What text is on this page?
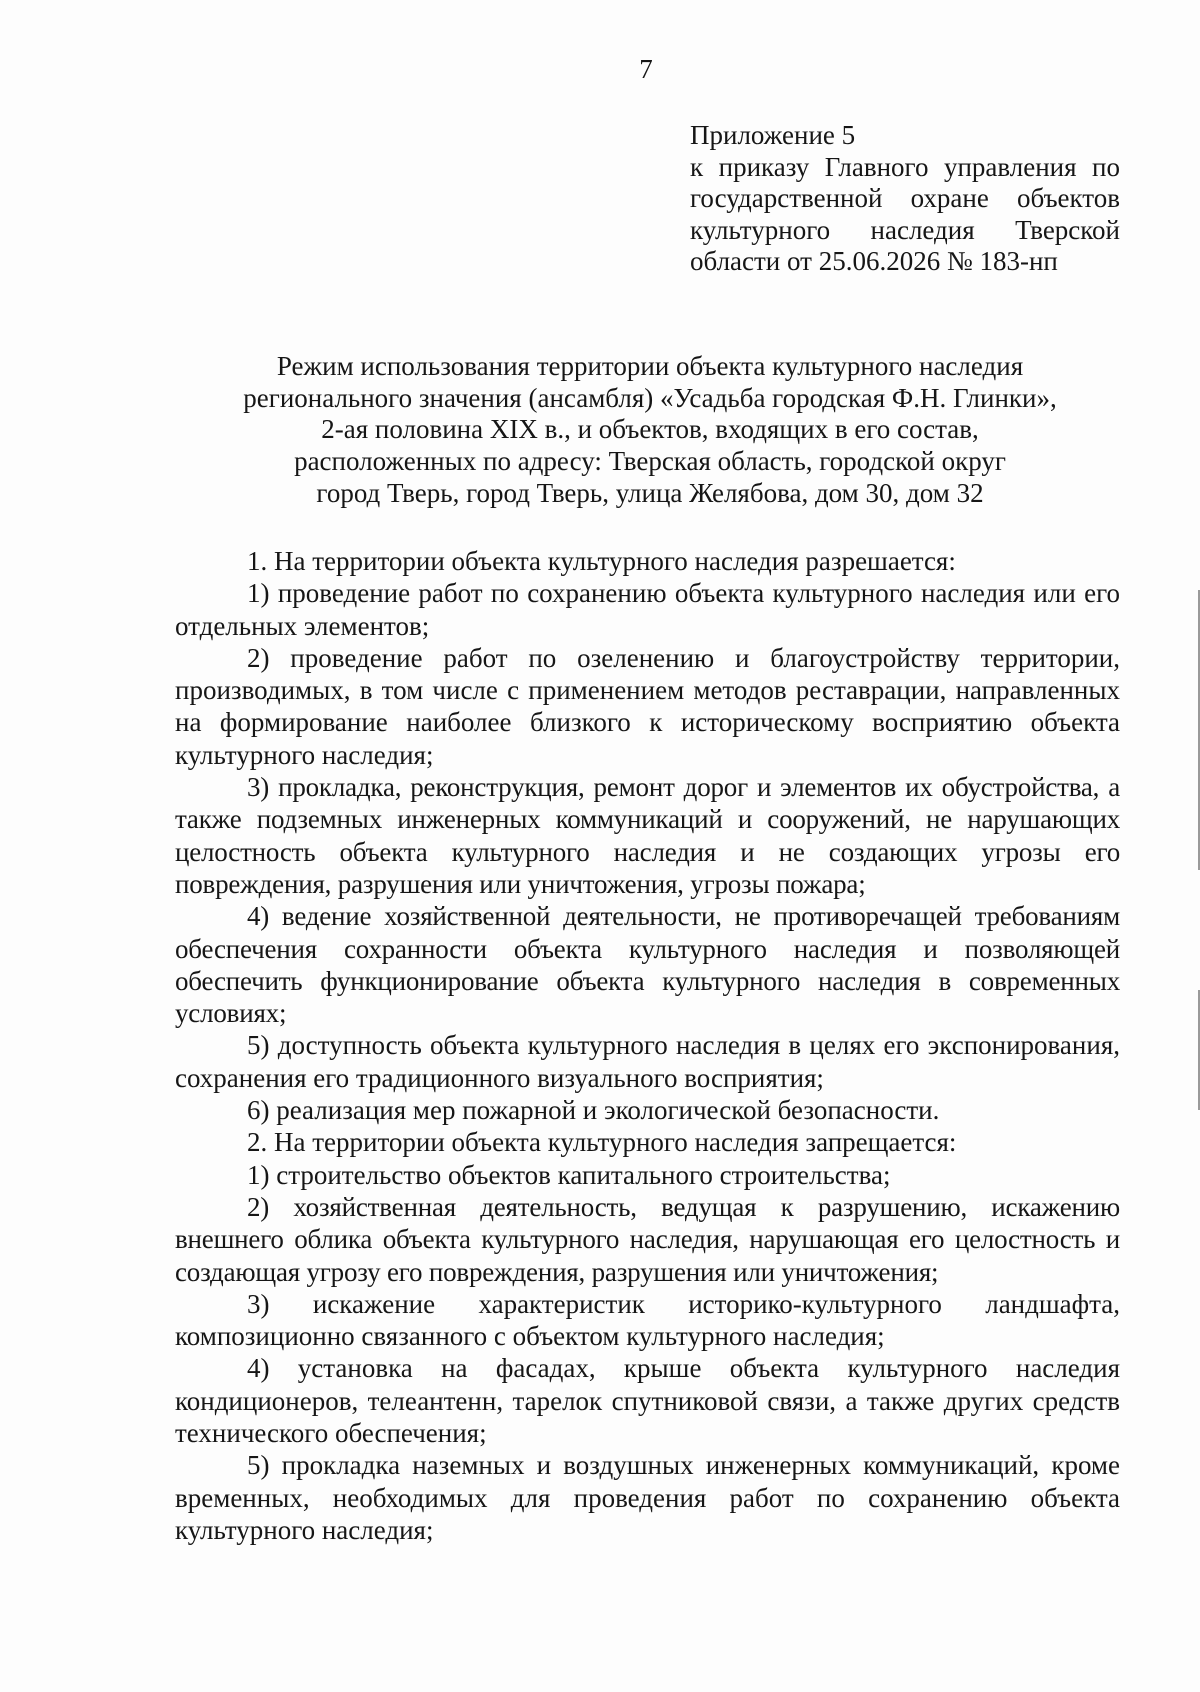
7
Приложение 5
к приказу Главного управления по
государственной охране объектов
культурного наследия Тверской
области от 25.06.2026 № 183-нп
Режим использования территории объекта культурного наследия
регионального значения (ансамбля) «Усадьба городская Ф.Н. Глинки»,
2-ая половина XIX в., и объектов, входящих в его состав,
расположенных по адресу: Тверская область, городской округ
город Тверь, город Тверь, улица Желябова, дом 30, дом 32

1. На территории объекта культурного наследия разрешается:

1) проведение работ по сохранению объекта культурного наследия или его отдельных элементов;

2) проведение работ по озеленению и благоустройству территории, производимых, в том числе с применением методов реставрации, направленных на формирование наиболее близкого к историческому восприятию объекта культурного наследия;

3) прокладка, реконструкция, ремонт дорог и элементов их обустройства, а также подземных инженерных коммуникаций и сооружений, не нарушающих целостность объекта культурного наследия и не создающих угрозы его повреждения, разрушения или уничтожения, угрозы пожара;

4) ведение хозяйственной деятельности, не противоречащей требованиям обеспечения сохранности объекта культурного наследия и позволяющей обеспечить функционирование объекта культурного наследия в современных условиях;

5) доступность объекта культурного наследия в целях его экспонирования, сохранения его традиционного визуального восприятия;

6) реализация мер пожарной и экологической безопасности.

2. На территории объекта культурного наследия запрещается:

1) строительство объектов капитального строительства;

2) хозяйственная деятельность, ведущая к разрушению, искажению внешнего облика объекта культурного наследия, нарушающая его целостность и создающая угрозу его повреждения, разрушения или уничтожения;

3) искажение характеристик историко-культурного ландшафта, композиционно связанного с объектом культурного наследия;

4) установка на фасадах, крыше объекта культурного наследия кондиционеров, телеантенн, тарелок спутниковой связи, а также других средств технического обеспечения;

5) прокладка наземных и воздушных инженерных коммуникаций, кроме временных, необходимых для проведения работ по сохранению объекта культурного наследия;
